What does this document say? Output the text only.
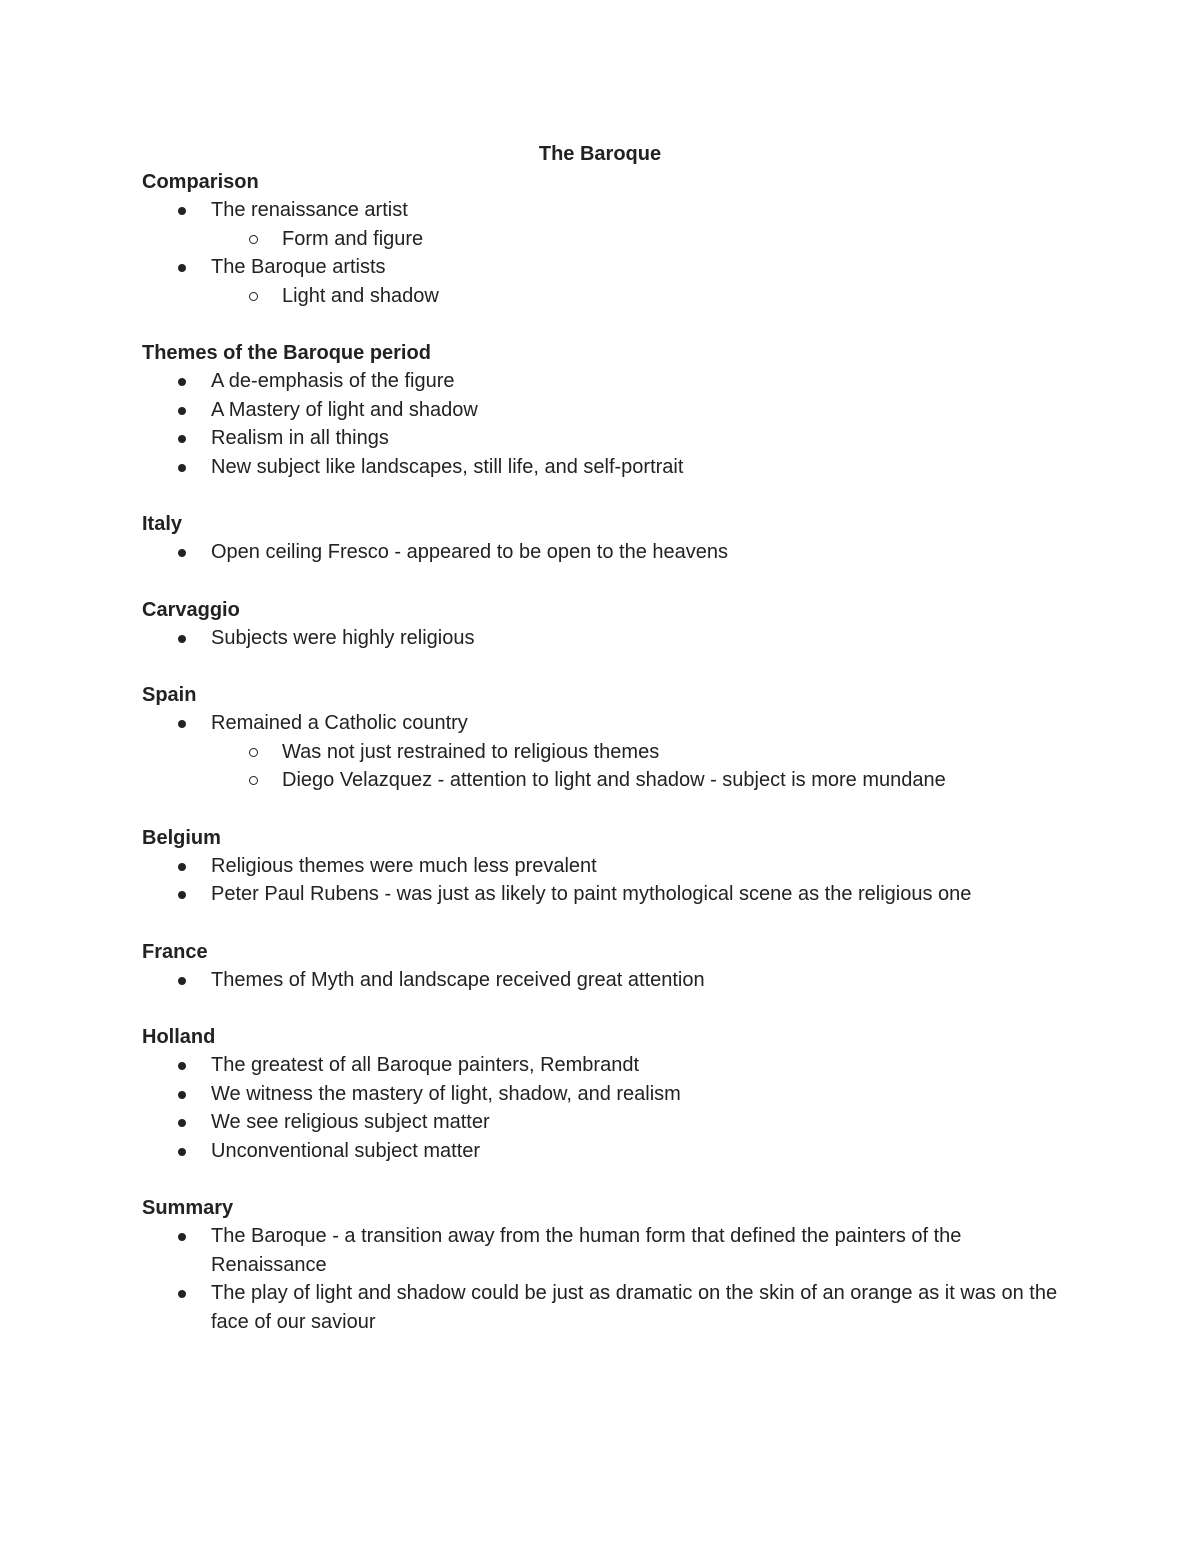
The Baroque
Comparison
The renaissance artist
Form and figure
The Baroque artists
Light and shadow
Themes of the Baroque period
A de-emphasis of the figure
A Mastery of light and shadow
Realism in all things
New subject like landscapes, still life, and self-portrait
Italy
Open ceiling Fresco - appeared to be open to the heavens
Carvaggio
Subjects were highly religious
Spain
Remained a Catholic country
Was not just restrained to religious themes
Diego Velazquez - attention to light and shadow - subject is more mundane
Belgium
Religious themes were much less prevalent
Peter Paul Rubens - was just as likely to paint mythological scene as the religious one
France
Themes of Myth and landscape received great attention
Holland
The greatest of all Baroque painters, Rembrandt
We witness the mastery of light, shadow, and realism
We see religious subject matter
Unconventional subject matter
Summary
The Baroque - a transition away from the human form that defined the painters of the Renaissance
The play of light and shadow could be just as dramatic on the skin of an orange as it was on the face of our saviour
